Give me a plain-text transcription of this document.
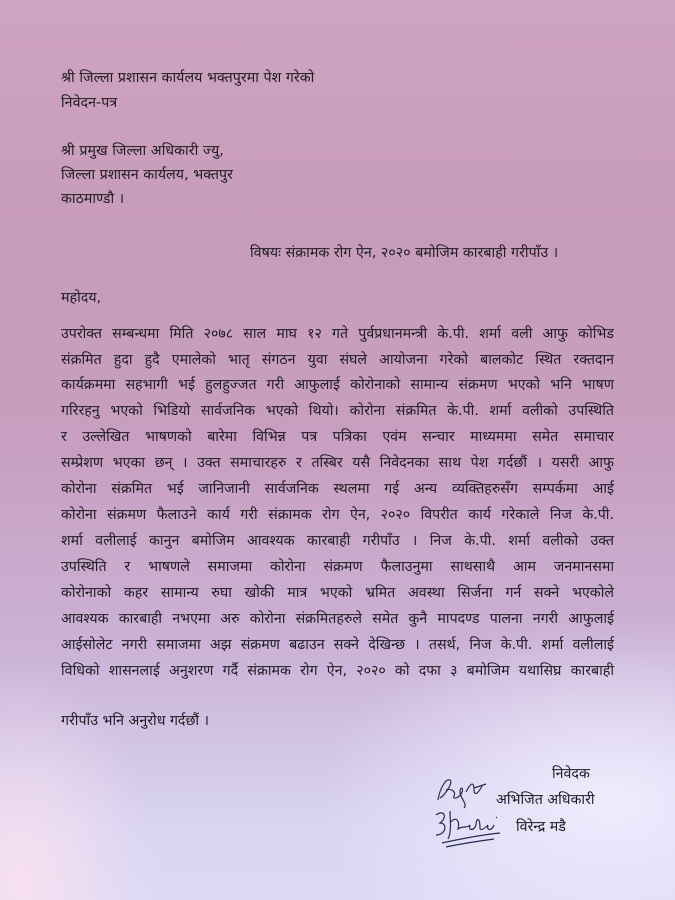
श्री जिल्ला प्रशासन कार्यलय भक्तपुरमा पेश गरेको
निवेदन-पत्र
श्री प्रमुख जिल्ला अधिकारी ज्यु,
जिल्ला प्रशासन कार्यलय, भक्तपुर
काठमाण्डौ ।
विषयः संक्रामक रोग ऐन, २०२० बमोजिम कारबाही गरीपाँउ ।
महोदय,
उपरोक्त सम्बन्धमा मिति २०७८ साल माघ १२ गते पुर्वप्रधानमन्त्री के.पी. शर्मा वली आफु कोभिड
संक्रमित हुदा हुदै एमालेको भातृ संगठन युवा संघले आयोजना गरेको बालकोट स्थित रक्तदान
कार्यक्रममा सहभागी भई हुलहुज्जत गरी आफुलाई कोरोनाको सामान्य संक्रमण भएको भनि भाषण
गरिरहनु भएको भिडियो सार्वजनिक भएको थियो। कोरोना संक्रमित के.पी. शर्मा वलीको उपस्थिति
र उल्लेखित भाषणको बारेमा विभिन्न पत्र पत्रिका एवंम सन्चार माध्यममा समेत समाचार
सम्प्रेशण भएका छन् । उक्त समाचारहरु र तस्बिर यसै निवेदनका साथ पेश गर्दछौं । यसरी आफु
कोरोना संक्रमित भई जानिजानी सार्वजनिक स्थलमा गई अन्य व्यक्तिहरुसँग सम्पर्कमा आई
कोरोना संक्रमण फैलाउने कार्य गरी संक्रामक रोग ऐन, २०२० विपरीत कार्य गरेकाले निज के.पी.
शर्मा वलीलाई कानुन बमोजिम आवश्यक कारबाही गरीपाँउ । निज के.पी. शर्मा वलीको उक्त
उपस्थिति र भाषणले समाजमा कोरोना संक्रमण फैलाउनुमा साथसाथै आम जनमानसमा
कोरोनाको कहर सामान्य रुघा खोकी मात्र भएको भ्रमित अवस्था सिर्जना गर्न सक्ने भएकोले
आवश्यक कारबाही नभएमा अरु कोरोना संक्रमितहरुले समेत कुनै मापदण्ड पालना नगरी आफुलाई
आईसोलेट नगरी समाजमा अझ संक्रमण बढाउन सक्ने देखिन्छ । तसर्थ, निज के.पी. शर्मा वलीलाई
विधिको शासनलाई अनुशरण गर्दै संक्रामक रोग ऐन, २०२० को दफा ३ बमोजिम यथासिघ्र कारबाही
गरीपाँउ भनि अनुरोध गर्दछौं ।
निवेदक
अभिजित अधिकारी
विरेन्द्र मडै
